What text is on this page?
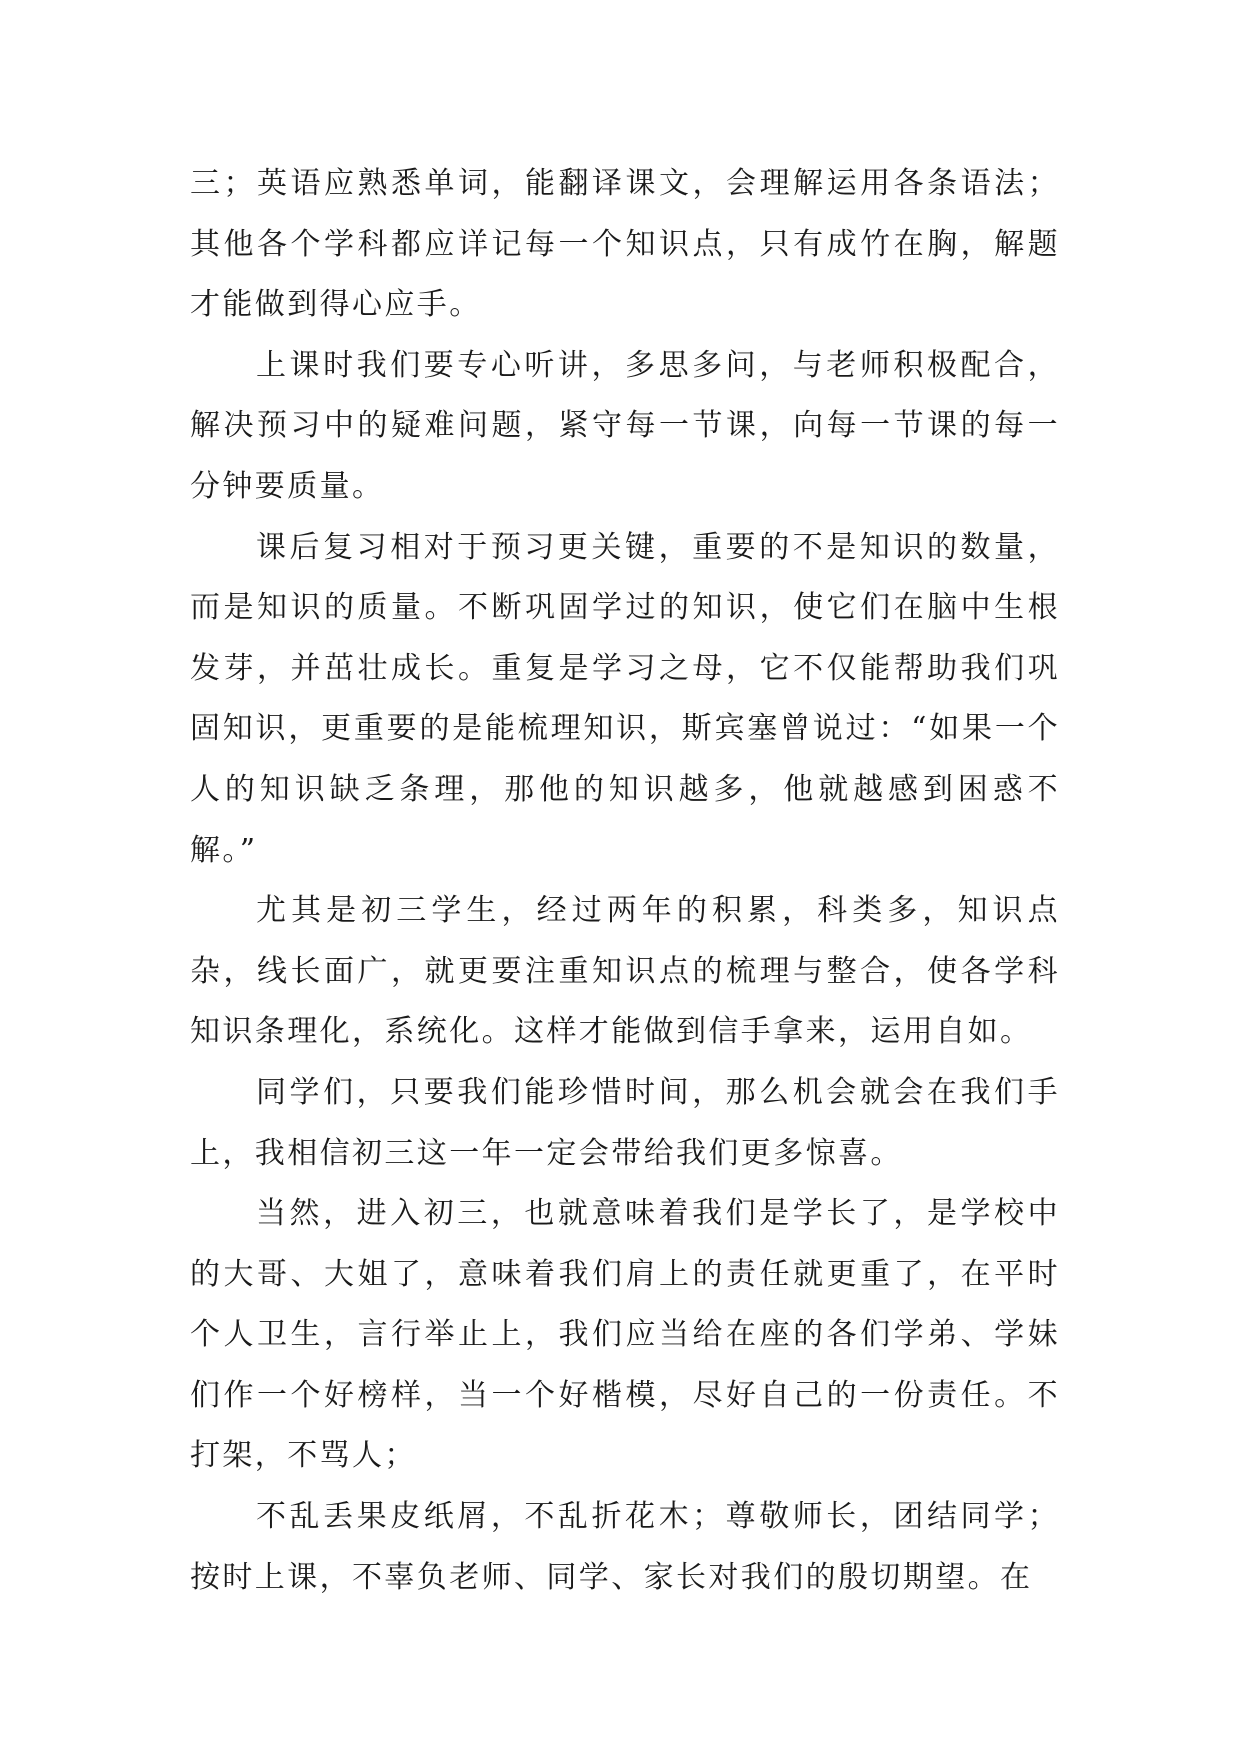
三；英语应熟悉单词，能翻译课文，会理解运用各条语法；其他各个学科都应详记每一个知识点，只有成竹在胸，解题才能做到得心应手。

上课时我们要专心听讲，多思多问，与老师积极配合，解决预习中的疑难问题，紧守每一节课，向每一节课的每一分钟要质量。

课后复习相对于预习更关键，重要的不是知识的数量，而是知识的质量。不断巩固学过的知识，使它们在脑中生根发芽，并茁壮成长。重复是学习之母，它不仅能帮助我们巩固知识，更重要的是能梳理知识，斯宾塞曾说过：“如果一个人的知识缺乏条理，那他的知识越多，他就越感到困惑不解。”

尤其是初三学生，经过两年的积累，科类多，知识点杂，线长面广，就更要注重知识点的梳理与整合，使各学科知识条理化，系统化。这样才能做到信手拿来，运用自如。

同学们，只要我们能珍惜时间，那么机会就会在我们手上，我相信初三这一年一定会带给我们更多惊喜。

当然，进入初三，也就意味着我们是学长了，是学校中的大哥、大姐了，意味着我们肩上的责任就更重了，在平时个人卫生，言行举止上，我们应当给在座的各们学弟、学妹们作一个好榜样，当一个好楷模，尽好自己的一份责任。不打架，不骂人；

不乱丢果皮纸屑，不乱折花木；尊敬师长，团结同学；按时上课，不辜负老师、同学、家长对我们的殷切期望。在
